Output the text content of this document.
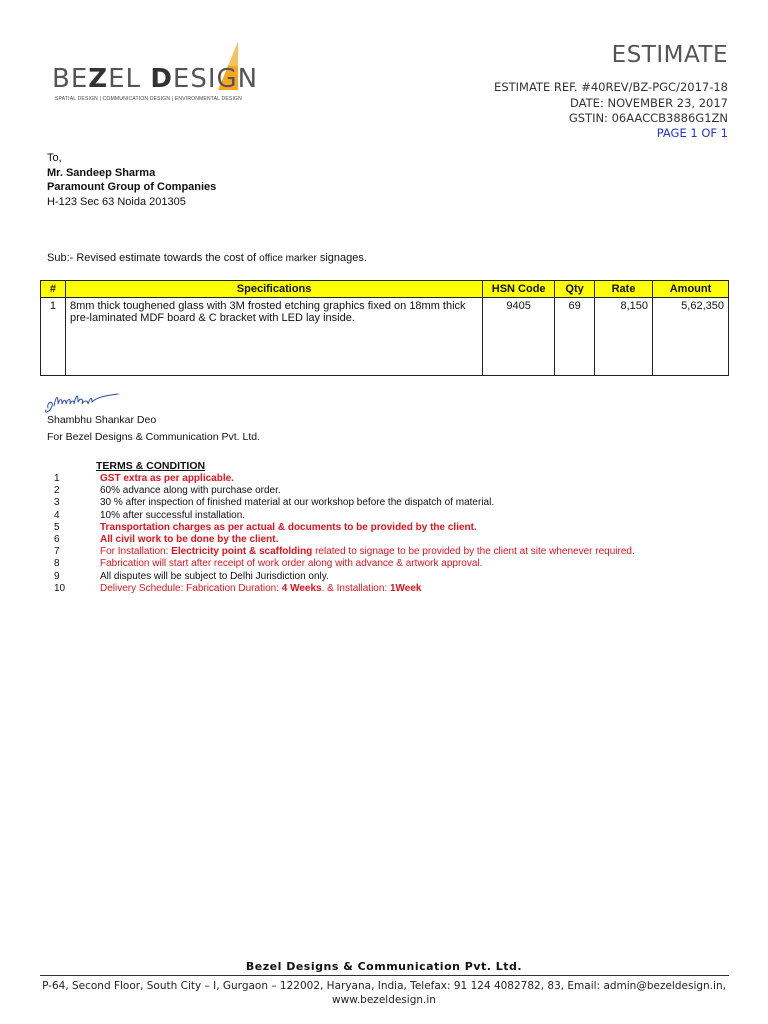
BEZEL DESIGN
SPATIAL DESIGN | COMMUNICATION DESIGN | ENVIRONMENTAL DESIGN
ESTIMATE
ESTIMATE REF. #40REV/BZ-PGC/2017-18
DATE: NOVEMBER 23, 2017
GSTIN: 06AACCB3886G1ZN
PAGE 1 OF 1
To,
Mr. Sandeep Sharma
Paramount Group of Companies
H-123 Sec 63 Noida 201305
Sub:- Revised estimate towards the cost of office marker signages.
#	Specifications	HSN Code	Qty	Rate	Amount
1	8mm thick toughened glass with 3M frosted etching graphics fixed on 18mm thick pre-laminated MDF board & C bracket with LED lay inside.	9405	69	8,150	5,62,350
Shambhu Shankar Deo
For Bezel Designs & Communication Pvt. Ltd.
TERMS & CONDITION
1	GST extra as per applicable.
2	60% advance along with purchase order.
3	30 % after inspection of finished material at our workshop before the dispatch of material.
4	10% after successful installation.
5	Transportation charges as per actual & documents to be provided by the client.
6	All civil work to be done by the client.
7	For Installation: Electricity point & scaffolding related to signage to be provided by the client at site whenever required.
8	Fabrication will start after receipt of work order along with advance & artwork approval.
9	All disputes will be subject to Delhi Jurisdiction only.
10	Delivery Schedule: Fabrication Duration: 4 Weeks. & Installation: 1Week
Bezel Designs & Communication Pvt. Ltd.
P-64, Second Floor, South City – I, Gurgaon – 122002, Haryana, India, Telefax: 91 124 4082782, 83, Email: admin@bezeldesign.in,
www.bezeldesign.in
